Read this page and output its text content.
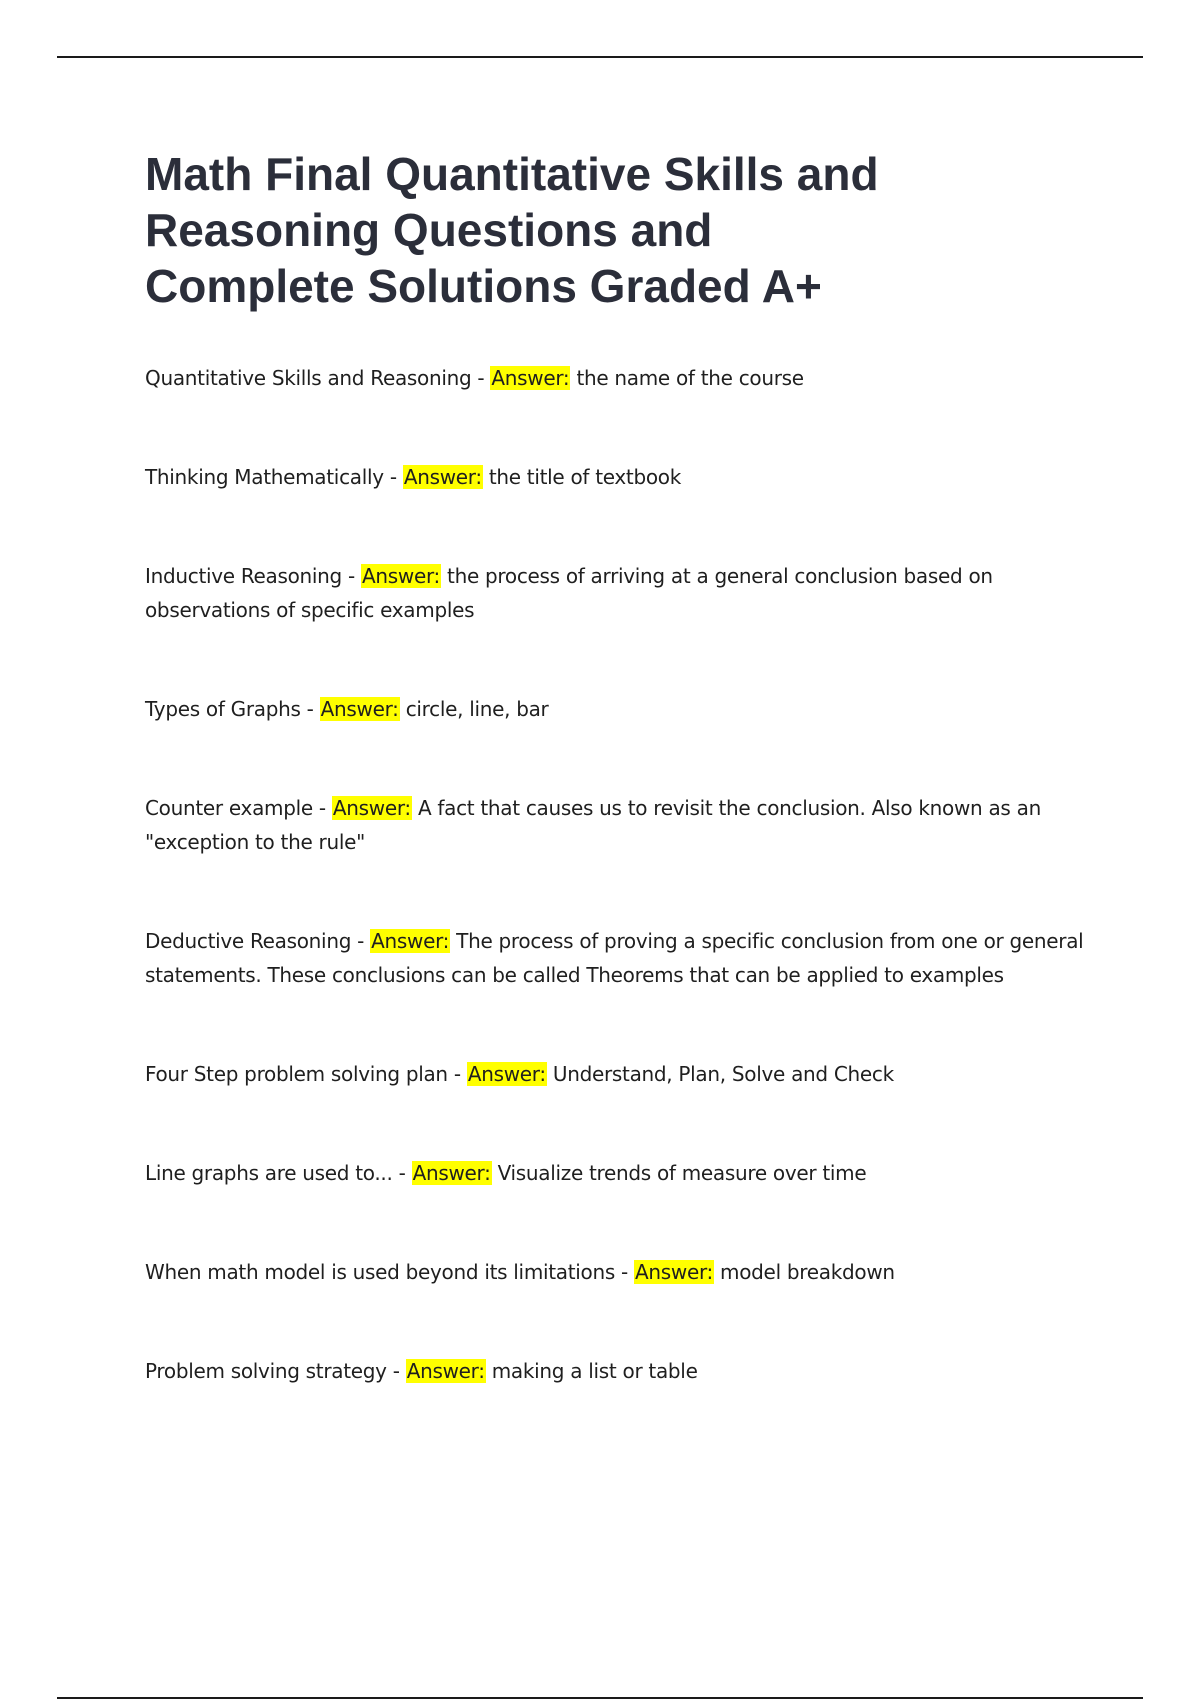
Math Final Quantitative Skills and Reasoning Questions and Complete Solutions Graded A+
Quantitative Skills and Reasoning - Answer: the name of the course
Thinking Mathematically - Answer: the title of textbook
Inductive Reasoning - Answer: the process of arriving at a general conclusion based on observations of specific examples
Types of Graphs - Answer: circle, line, bar
Counter example - Answer: A fact that causes us to revisit the conclusion. Also known as an "exception to the rule"
Deductive Reasoning - Answer: The process of proving a specific conclusion from one or general statements. These conclusions can be called Theorems that can be applied to examples
Four Step problem solving plan - Answer: Understand, Plan, Solve and Check
Line graphs are used to... - Answer: Visualize trends of measure over time
When math model is used beyond its limitations - Answer: model breakdown
Problem solving strategy - Answer: making a list or table
